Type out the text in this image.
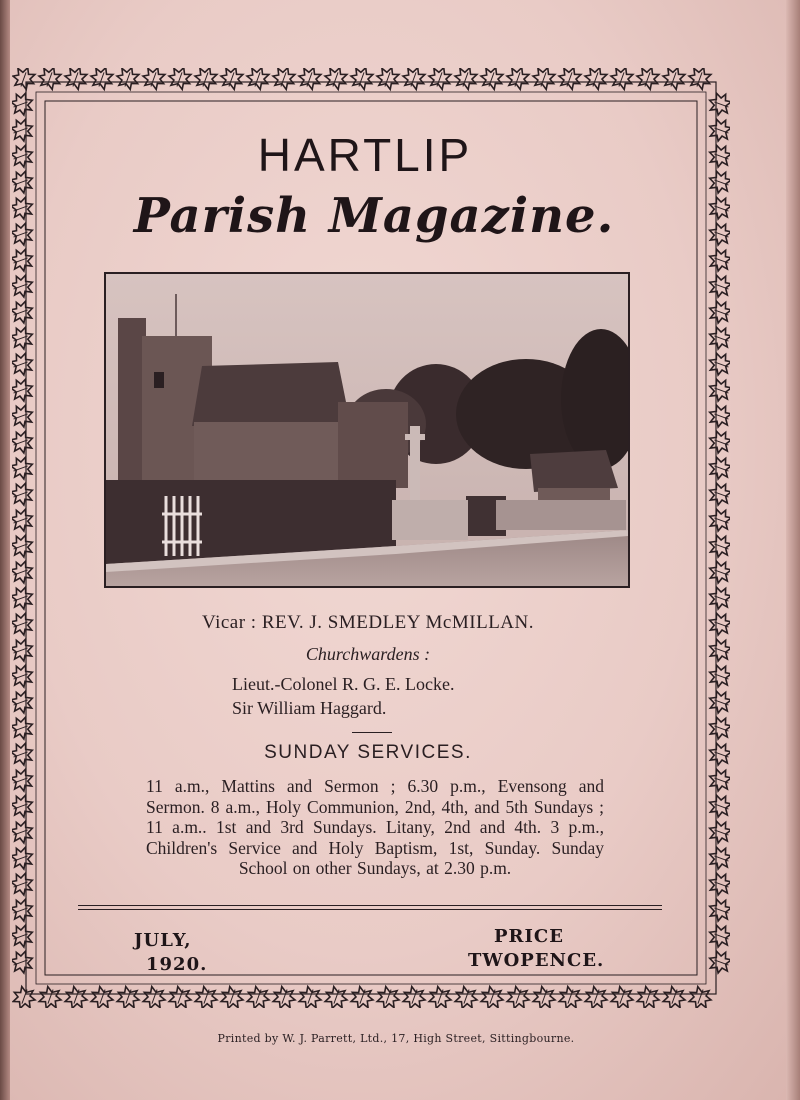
HARTLIP
Parish Magazine.
Vicar : REV. J. SMEDLEY McMILLAN.
Churchwardens :
Lieut.-Colonel R. G. E. Locke.
Sir William Haggard.
SUNDAY SERVICES.
11 a.m., Mattins and Sermon ; 6.30 p.m., Evensong and Sermon. 8 a.m., Holy Communion, 2nd, 4th, and 5th Sundays ; 11 a.m.. 1st and 3rd Sundays. Litany, 2nd and 4th. 3 p.m., Children's Service and Holy Baptism, 1st, Sunday. Sunday School on other Sundays, at 2.30 p.m.
JULY,
1920.
PRICE
TWOPENCE.
Printed by W. J. Parrett, Ltd., 17, High Street, Sittingbourne.
